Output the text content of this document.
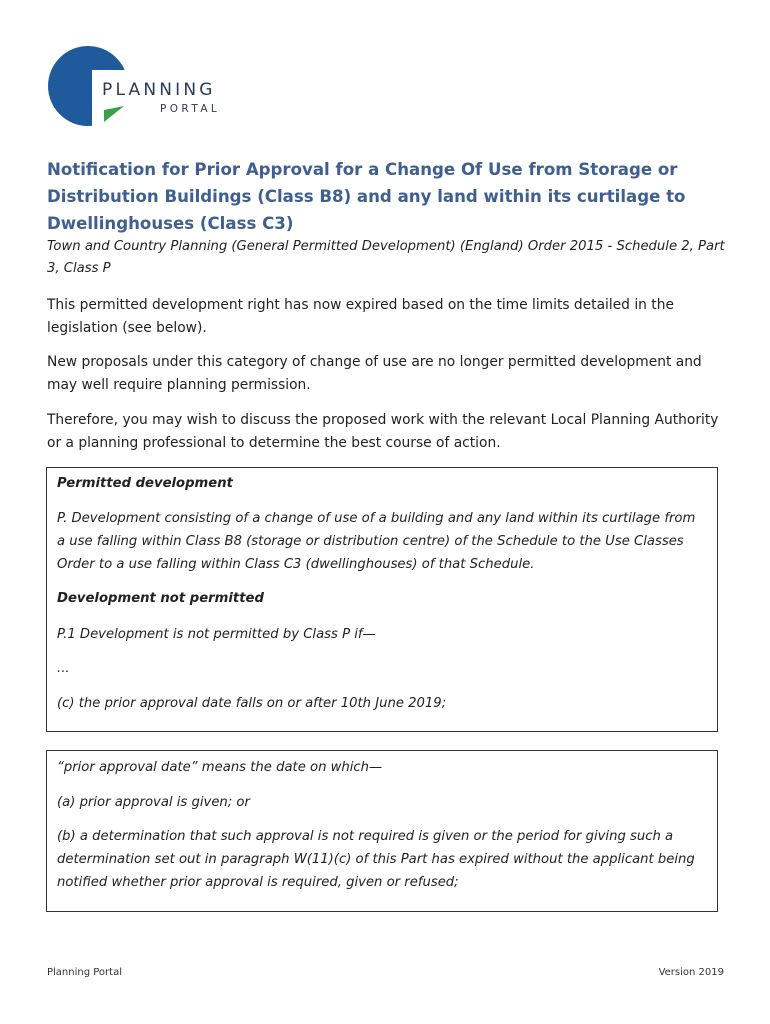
PLANNING
PORTAL
Notification for Prior Approval for a Change Of Use from Storage or Distribution Buildings (Class B8) and any land within its curtilage to Dwellinghouses (Class C3)

Town and Country Planning (General Permitted Development) (England) Order 2015 - Schedule 2, Part 3, Class P

This permitted development right has now expired based on the time limits detailed in the legislation (see below).

New proposals under this category of change of use are no longer permitted development and may well require planning permission.

Therefore, you may wish to discuss the proposed work with the relevant Local Planning Authority or a planning professional to determine the best course of action.

Permitted development

P. Development consisting of a change of use of a building and any land within its curtilage from a use falling within Class B8 (storage or distribution centre) of the Schedule to the Use Classes Order to a use falling within Class C3 (dwellinghouses) of that Schedule.

Development not permitted

P.1 Development is not permitted by Class P if—

...

(c) the prior approval date falls on or after 10th June 2019;

“prior approval date” means the date on which—

(a) prior approval is given; or

(b) a determination that such approval is not required is given or the period for giving such a determination set out in paragraph W(11)(c) of this Part has expired without the applicant being notified whether prior approval is required, given or refused;

Planning Portal	Version 2019
